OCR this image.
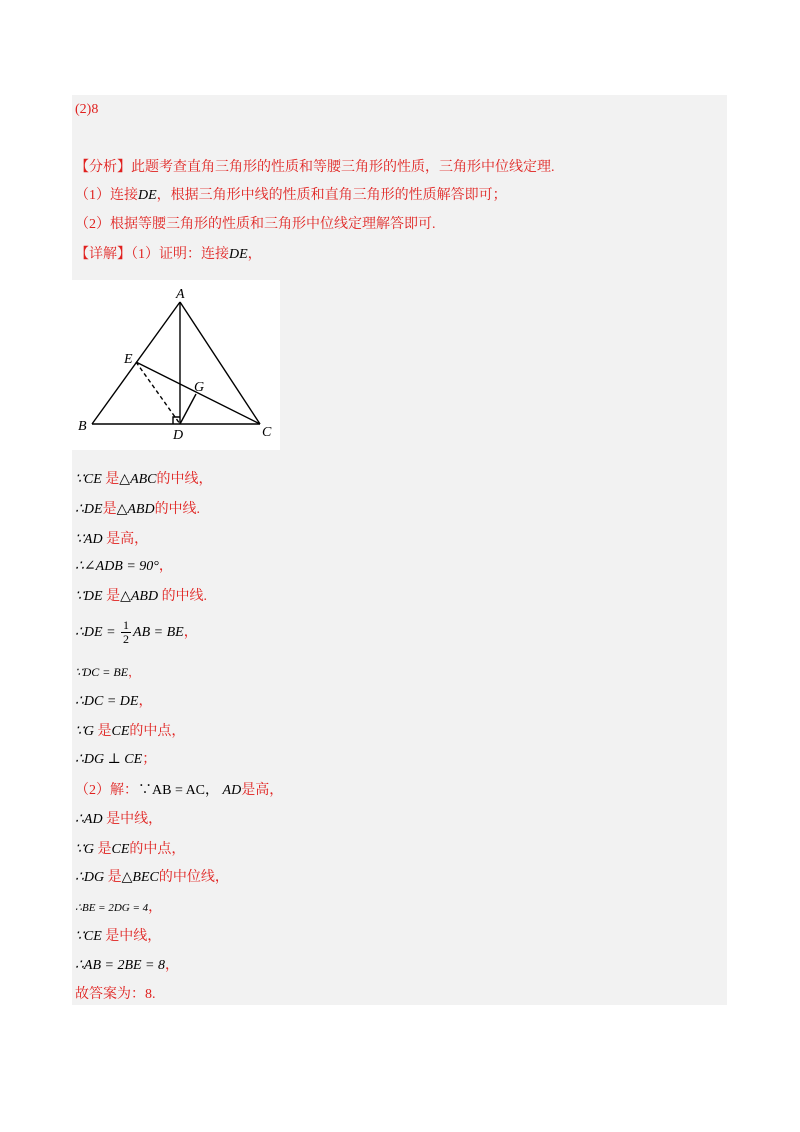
(2)8
【分析】此题考查直角三角形的性质和等腰三角形的性质，三角形中位线定理.
（1）连接DE，根据三角形中线的性质和直角三角形的性质解答即可；
（2）根据等腰三角形的性质和三角形中位线定理解答即可.
【详解】（1）证明：连接DE，
A
B	C
D
E
G
∵CE 是△ABC的中线，
∴DE是△ABD的中线.
∵AD 是高，
∴∠ADB = 90°，
∵DE 是△ABD 的中线.
∴DE = $\frac{1}{2}$ AB = BE，
∵DC = BE，
∴DC = DE，
∵G 是CE的中点，
∴DG ⊥ CE；
（2）解：∵AB = AC， AD是高，
∴AD 是中线，
∵G 是CE的中点，
∴DG 是△BEC的中位线，
∴BE = 2DG = 4，
∵CE 是中线，
∴AB = 2BE = 8，
故答案为：8.
